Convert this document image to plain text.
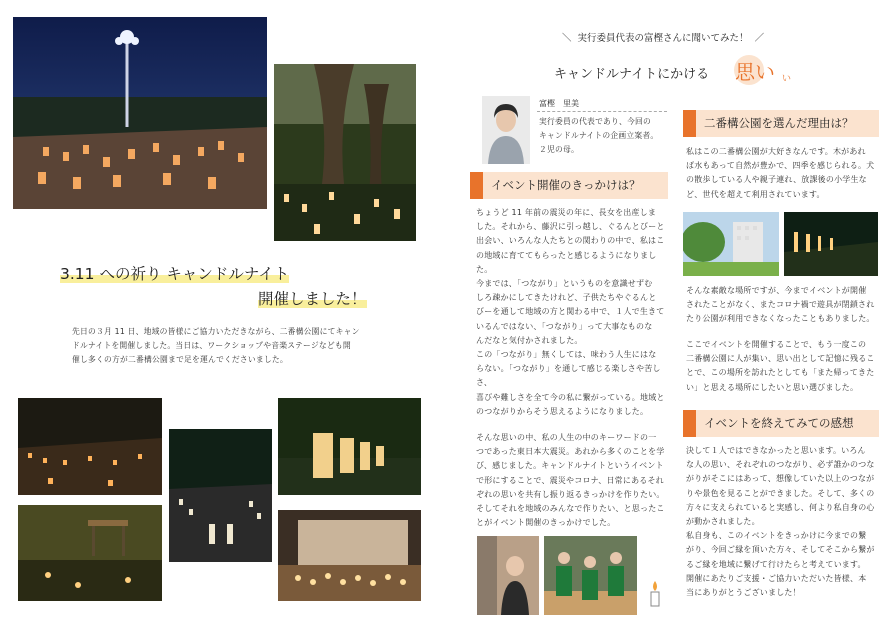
3.11 への祈り キャンドルナイト
開催しました！
先日の３月 11 日、地域の皆様にご協力いただきながら、二番構公園にてキャン
ドルナイトを開催しました。当日は、ワークショップや音楽ステージなども開
催し多くの方が二番構公園まで足を運んでくださいました。
＼ 実行委員代表の富樫さんに聞いてみた！ ／
キャンドルナイトにかける 思い い
富樫　里美
実行委員の代表であり、今回の
キャンドルナイトの企画立案者。
２児の母。
イベント開催のきっかけは？
ちょうど 11 年前の震災の年に、長女を出産しま
した。それから、藤沢に引っ越し、ぐるんとびーと
出会い、いろんな人たちとの関わりの中で、私はこ
の地域に育ててもらったと感じるようになりまし
た。
今までは、「つながり」というものを意識せずむ
しろ疎かにしてきたけれど、子供たちやぐるんと
びーを通して地域の方と関わる中で、１人で生きて
いるんではない、「つながり」って大事なものな
んだなと気付かされました。
この「つながり」無くしては、味わう人生にはな
らない。「つながり」を通して感じる楽しさや苦しさ、
喜びや難しさを全て今の私に繋がっている。地域と
のつながりからそう思えるようになりました。
そんな思いの中、私の人生の中のキーワードの一
つであった東日本大震災。あれから多くのことを学
び、感じました。キャンドルナイトというイベント
で形にすることで、震災やコロナ、日常にあるそれ
ぞれの思いを共有し振り返るきっかけを作りたい。
そしてそれを地域のみんなで作りたい、と思ったこ
とがイベント開催のきっかけでした。
二番構公園を選んだ理由は？
私はこの二番構公園が大好きなんです。木があれ
ば水もあって自然が豊かで、四季を感じられる。犬
の散歩している人や親子連れ、放課後の小学生な
ど、世代を超えて利用されています。
そんな素敵な場所ですが、今までイベントが開催
されたことがなく、またコロナ禍で遊具が閉鎖され
たり公園が利用できなくなったこともありました。
ここでイベントを開催することで、もう一度この
二番構公園に人が集い、思い出として記憶に残るこ
とで、この場所を訪れたとしても「また帰ってきた
い」と思える場所にしたいと思い選びました。
イベントを終えてみての感想
決して１人ではできなかったと思います。いろん
な人の思い、それぞれのつながり、必ず誰かのつな
がりがそこにはあって、想像していた以上のつなが
りや景色を見ることができました。そして、多くの
方々に支えられていると実感し、何より私自身の心
が動かされました。
私自身も、このイベントをきっかけに今までの繋
がり、今回ご縁を頂いた方々、そしてそこから繋が
るご縁を地域に繋げて行けたらと考えています。
開催にあたりご支援・ご協力いただいた皆様、本
当にありがとうございました！
